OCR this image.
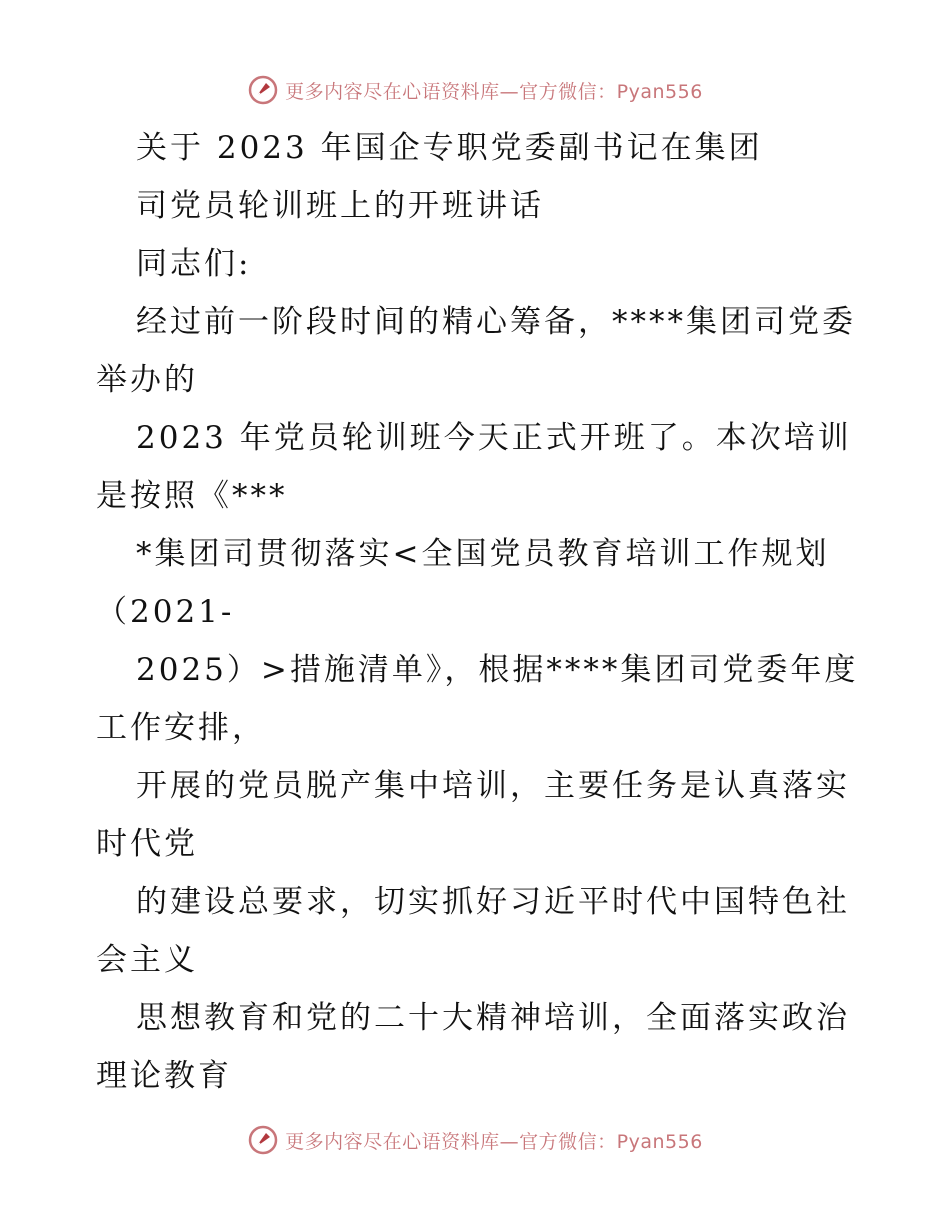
更多内容尽在心语资料库—官方微信：Pyan556
关于 2023 年国企专职党委副书记在集团
司党员轮训班上的开班讲话
同志们:
经过前一阶段时间的精心筹备，****集团司党委
举办的
2023 年党员轮训班今天正式开班了。本次培训
是按照《***
*集团司贯彻落实<全国党员教育培训工作规划
（2021-
2025）>措施清单》，根据****集团司党委年度
工作安排，
开展的党员脱产集中培训，主要任务是认真落实
时代党
的建设总要求，切实抓好习近平时代中国特色社
会主义
思想教育和党的二十大精神培训，全面落实政治
理论教育
更多内容尽在心语资料库—官方微信：Pyan556
